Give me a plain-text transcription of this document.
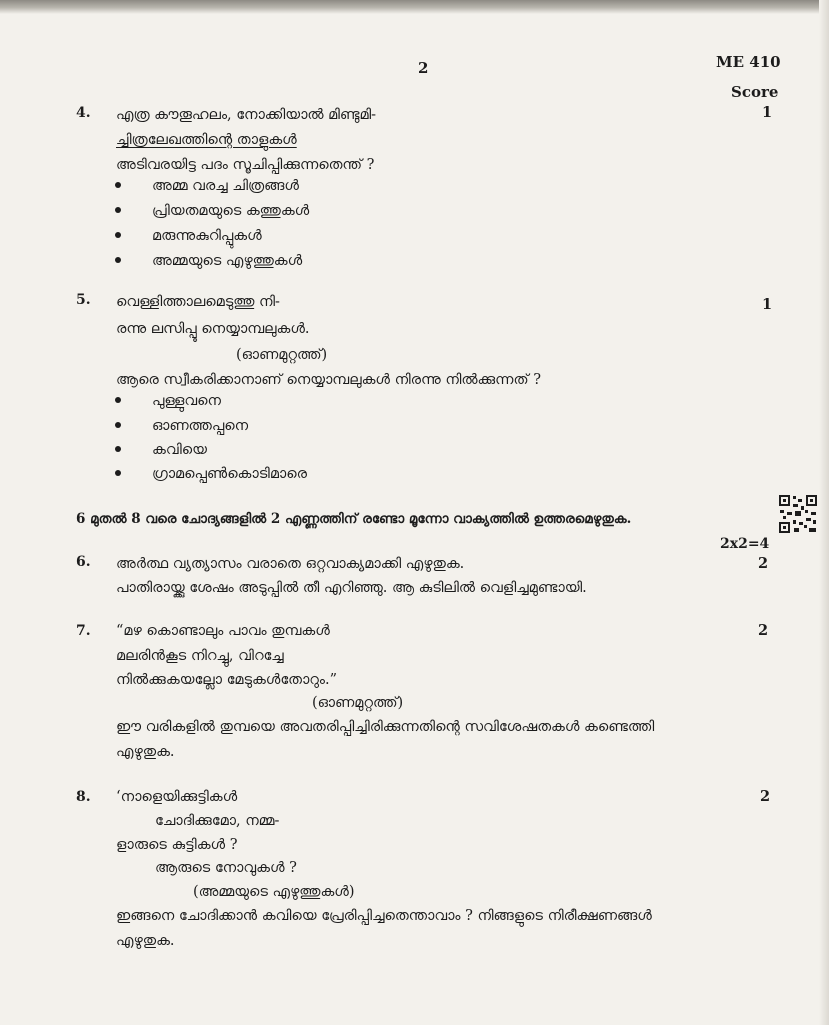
2	ME 410
Score
4. എത്ര കൗതൂഹലം, നോക്കിയാൽ മിണ്ടുമി-	1
ച്ചിത്രലേഖത്തിന്റെ താളുകൾ
അടിവരയിട്ട പദം സൂചിപ്പിക്കുന്നതെന്ത് ?
അമ്മ വരച്ച ചിത്രങ്ങൾ
പ്രിയതമയുടെ കത്തുകൾ
മരുന്നുകുറിപ്പുകൾ
അമ്മയുടെ എഴുത്തുകൾ
5. വെള്ളിത്താലമെടുത്തു നി-	1
രന്നു ലസിപ്പൂ നെയ്യാമ്പലുകൾ.
(ഓണമുറ്റത്ത്)
ആരെ സ്വീകരിക്കാനാണ് നെയ്യാമ്പലുകൾ നിരന്നു നിൽക്കുന്നത് ?
പുള്ളുവനെ
ഓണത്തപ്പനെ
കവിയെ
ഗ്രാമപ്പെൺകൊടിമാരെ
6 മുതൽ 8 വരെ ചോദ്യങ്ങളിൽ 2 എണ്ണത്തിന് രണ്ടോ മൂന്നോ വാക്യത്തിൽ ഉത്തരമെഴുതുക.
2x2=4
6. അർത്ഥ വ്യത്യാസം വരാതെ ഒറ്റവാക്യമാക്കി എഴുതുക.	2
പാതിരായ്ക്കു ശേഷം അടുപ്പിൽ തീ എറിഞ്ഞു. ആ കുടിലിൽ വെളിച്ചമുണ്ടായി.
7. “മഴ കൊണ്ടാലും പാവം തുമ്പകൾ	2
മലരിൻകൂട നിറച്ചു, വിറച്ചേ
നിൽക്കുകയല്ലോ മേടുകൾതോറും.”
(ഓണമുറ്റത്ത്)
ഈ വരികളിൽ തുമ്പയെ അവതരിപ്പിച്ചിരിക്കുന്നതിന്റെ സവിശേഷതകൾ കണ്ടെത്തി
എഴുതുക.
8. ‘നാളെയിക്കുട്ടികൾ	2
ചോദിക്കുമോ, നമ്മ-
ളാരുടെ കുട്ടികൾ ?
ആരുടെ നോവുകൾ ?
(അമ്മയുടെ എഴുത്തുകൾ)
ഇങ്ങനെ ചോദിക്കാൻ കവിയെ പ്രേരിപ്പിച്ചതെന്താവാം ? നിങ്ങളുടെ നിരീക്ഷണങ്ങൾ
എഴുതുക.
